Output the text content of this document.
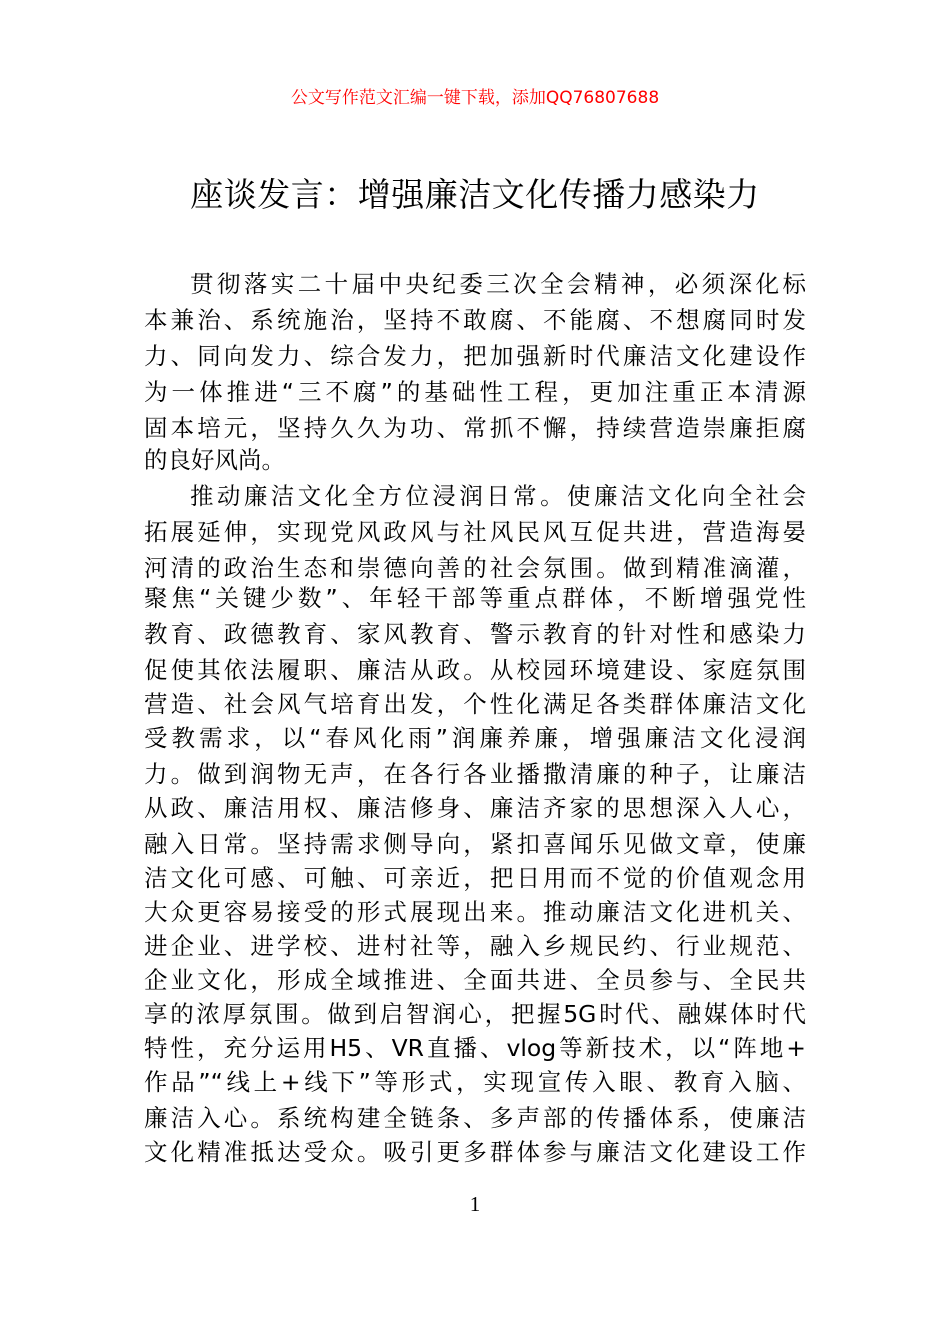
公文写作范文汇编一键下载，添加QQ76807688
座谈发言：增强廉洁文化传播力感染力
贯彻落实二十届中央纪委三次全会精神，必须深化标
本兼治、系统施治，坚持不敢腐、不能腐、不想腐同时发
力、同向发力、综合发力，把加强新时代廉洁文化建设作
为一体推进“三不腐”的基础性工程，更加注重正本清源
固本培元，坚持久久为功、常抓不懈，持续营造崇廉拒腐
的良好风尚。
推动廉洁文化全方位浸润日常。使廉洁文化向全社会
拓展延伸，实现党风政风与社风民风互促共进，营造海晏
河清的政治生态和崇德向善的社会氛围。做到精准滴灌，
聚焦“关键少数”、年轻干部等重点群体，不断增强党性
教育、政德教育、家风教育、警示教育的针对性和感染力
促使其依法履职、廉洁从政。从校园环境建设、家庭氛围
营造、社会风气培育出发，个性化满足各类群体廉洁文化
受教需求，以“春风化雨”润廉养廉，增强廉洁文化浸润
力。做到润物无声，在各行各业播撒清廉的种子，让廉洁
从政、廉洁用权、廉洁修身、廉洁齐家的思想深入人心，
融入日常。坚持需求侧导向，紧扣喜闻乐见做文章，使廉
洁文化可感、可触、可亲近，把日用而不觉的价值观念用
大众更容易接受的形式展现出来。推动廉洁文化进机关、
进企业、进学校、进村社等，融入乡规民约、行业规范、
企业文化，形成全域推进、全面共进、全员参与、全民共
享的浓厚氛围。做到启智润心，把握5G时代、融媒体时代
特性，充分运用H5、VR直播、vlog等新技术，以“阵地+
作品”“线上+线下”等形式，实现宣传入眼、教育入脑、
廉洁入心。系统构建全链条、多声部的传播体系，使廉洁
文化精准抵达受众。吸引更多群体参与廉洁文化建设工作
1
